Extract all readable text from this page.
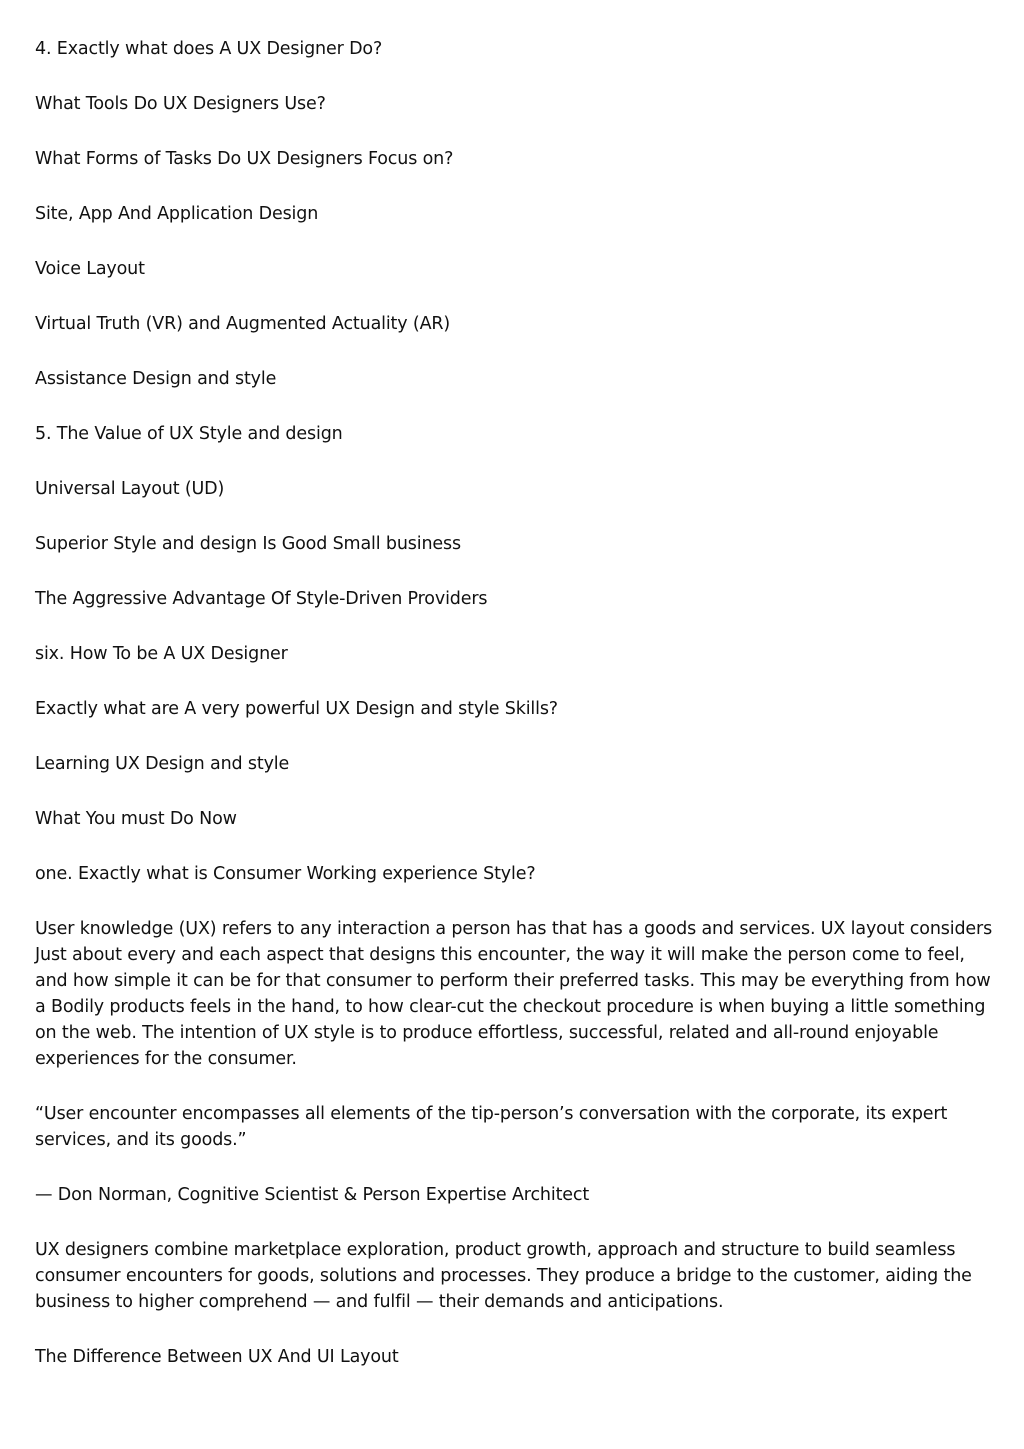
4. Exactly what does A UX Designer Do?

What Tools Do UX Designers Use?

What Forms of Tasks Do UX Designers Focus on?

Site, App And Application Design

Voice Layout

Virtual Truth (VR) and Augmented Actuality (AR)

Assistance Design and style

5. The Value of UX Style and design

Universal Layout (UD)

Superior Style and design Is Good Small business

The Aggressive Advantage Of Style-Driven Providers

six. How To be A UX Designer

Exactly what are A very powerful UX Design and style Skills?

Learning UX Design and style

What You must Do Now

one. Exactly what is Consumer Working experience Style?

User knowledge (UX) refers to any interaction a person has that has a goods and services. UX layout considers Just about every and each aspect that designs this encounter, the way it will make the person come to feel, and how simple it can be for that consumer to perform their preferred tasks. This may be everything from how a Bodily products feels in the hand, to how clear-cut the checkout procedure is when buying a little something on the web. The intention of UX style is to produce effortless, successful, related and all-round enjoyable experiences for the consumer.

“User encounter encompasses all elements of the tip-person’s conversation with the corporate, its expert services, and its goods.”

— Don Norman, Cognitive Scientist & Person Expertise Architect

UX designers combine marketplace exploration, product growth, approach and structure to build seamless consumer encounters for goods, solutions and processes. They produce a bridge to the customer, aiding the business to higher comprehend — and fulfil — their demands and anticipations.

The Difference Between UX And UI Layout
